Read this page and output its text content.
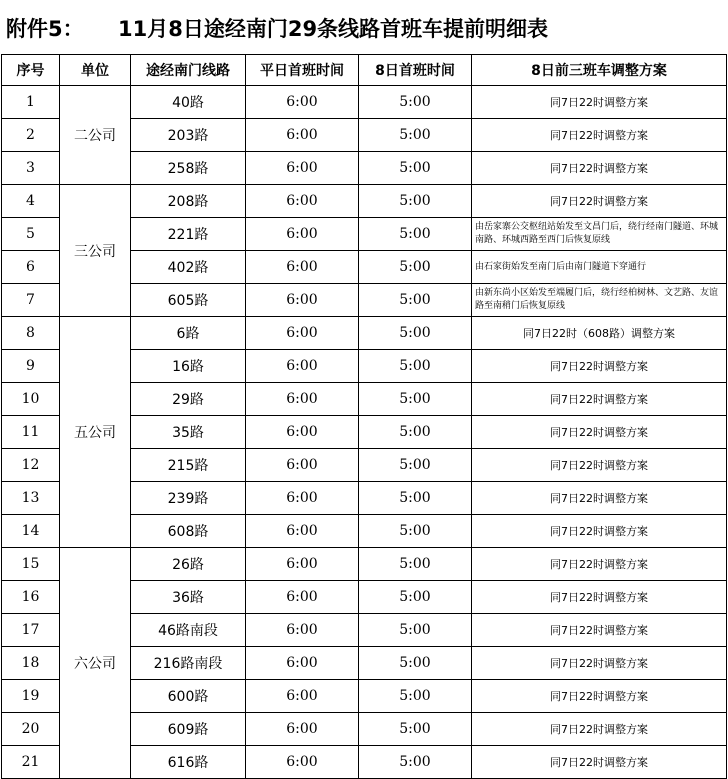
附件5： 11月8日途经南门29条线路首班车提前明细表
序号	单位	途经南门线路	平日首班时间	8日首班时间	8日前三班车调整方案
1	二公司	40路	6:00	5:00	同7日22时调整方案
2		203路	6:00	5:00	同7日22时调整方案
3		258路	6:00	5:00	同7日22时调整方案
4	三公司	208路	6:00	5:00	同7日22时调整方案
5		221路	6:00	5:00	由岳家寨公交枢纽站始发至文昌门后，绕行经南门隧道、环城南路、环城西路至西门后恢复原线
6		402路	6:00	5:00	由石家街始发至南门后由南门隧道下穿通行
7		605路	6:00	5:00	由新东尚小区始发至端履门后，绕行经柏树林、文艺路、友谊路至南稍门后恢复原线
8	五公司	6路	6:00	5:00	同7日22时（608路）调整方案
9		16路	6:00	5:00	同7日22时调整方案
10		29路	6:00	5:00	同7日22时调整方案
11		35路	6:00	5:00	同7日22时调整方案
12		215路	6:00	5:00	同7日22时调整方案
13		239路	6:00	5:00	同7日22时调整方案
14		608路	6:00	5:00	同7日22时调整方案
15	六公司	26路	6:00	5:00	同7日22时调整方案
16		36路	6:00	5:00	同7日22时调整方案
17		46路南段	6:00	5:00	同7日22时调整方案
18		216路南段	6:00	5:00	同7日22时调整方案
19		600路	6:00	5:00	同7日22时调整方案
20		609路	6:00	5:00	同7日22时调整方案
21		616路	6:00	5:00	同7日22时调整方案
